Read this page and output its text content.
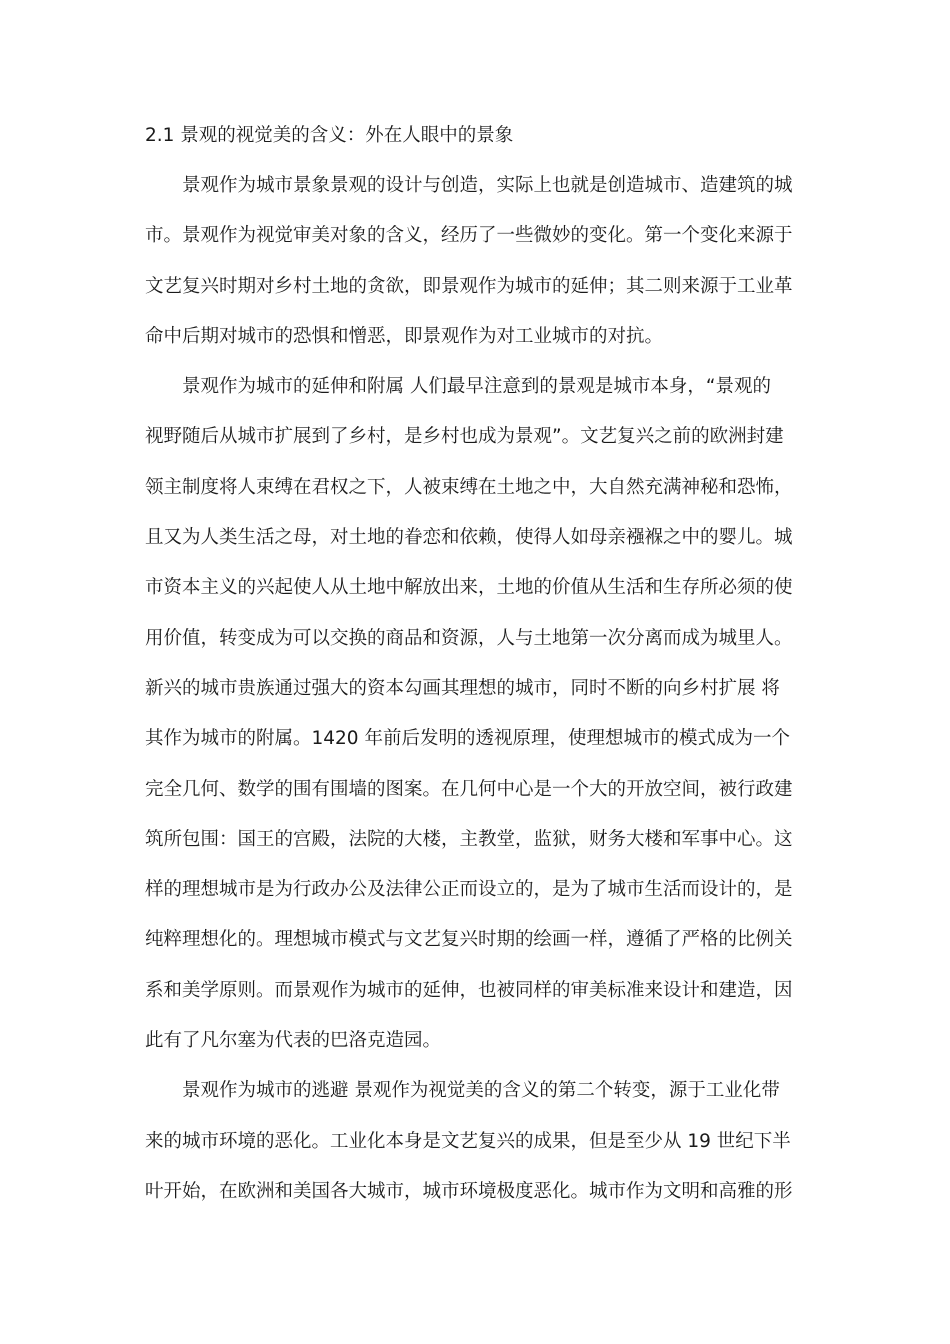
2.1 景观的视觉美的含义：外在人眼中的景象
景观作为城市景象景观的设计与创造，实际上也就是创造城市、造建筑的城
市。景观作为视觉审美对象的含义，经历了一些微妙的变化。第一个变化来源于
文艺复兴时期对乡村土地的贪欲，即景观作为城市的延伸；其二则来源于工业革
命中后期对城市的恐惧和憎恶，即景观作为对工业城市的对抗。
景观作为城市的延伸和附属 人们最早注意到的景观是城市本身，“景观的
视野随后从城市扩展到了乡村，是乡村也成为景观”。文艺复兴之前的欧洲封建
领主制度将人束缚在君权之下，人被束缚在土地之中，大自然充满神秘和恐怖，
且又为人类生活之母，对土地的眷恋和依赖，使得人如母亲襁褓之中的婴儿。城
市资本主义的兴起使人从土地中解放出来，土地的价值从生活和生存所必须的使
用价值，转变成为可以交换的商品和资源，人与土地第一次分离而成为城里人。
新兴的城市贵族通过强大的资本勾画其理想的城市，同时不断的向乡村扩展 将
其作为城市的附属。1420 年前后发明的透视原理，使理想城市的模式成为一个
完全几何、数学的围有围墙的图案。在几何中心是一个大的开放空间，被行政建
筑所包围：国王的宫殿，法院的大楼，主教堂，监狱，财务大楼和军事中心。这
样的理想城市是为行政办公及法律公正而设立的，是为了城市生活而设计的，是
纯粹理想化的。理想城市模式与文艺复兴时期的绘画一样，遵循了严格的比例关
系和美学原则。而景观作为城市的延伸，也被同样的审美标准来设计和建造，因
此有了凡尔塞为代表的巴洛克造园。
景观作为城市的逃避 景观作为视觉美的含义的第二个转变，源于工业化带
来的城市环境的恶化。工业化本身是文艺复兴的成果，但是至少从 19 世纪下半
叶开始，在欧洲和美国各大城市，城市环境极度恶化。城市作为文明和高雅的形
